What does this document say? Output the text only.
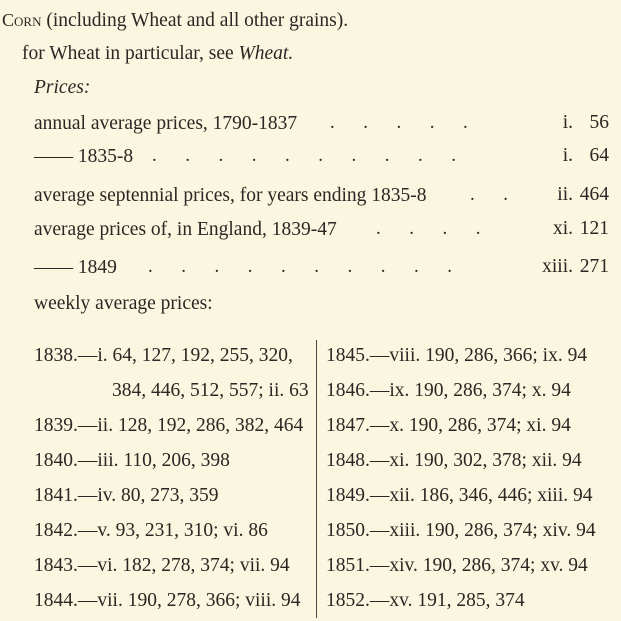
Corn (including Wheat and all other grains).
for Wheat in particular, see Wheat.
Prices:
annual average prices, 1790-1837 .      .      .      .      .	i. 56
—— 1835-8 .      .      .      .      .      .      .      .      .      .	i. 64
average septennial prices, for years ending 1835-8 .      .	ii. 464
average prices of, in England, 1839-47 .      .      .      .	xi. 121
—— 1849 .      .      .      .      .      .      .      .      .      .	xiii. 271
weekly average prices:
1838.—i. 64, 127, 192, 255, 320,
384, 446, 512, 557; ii. 63
1839.—ii. 128, 192, 286, 382, 464
1840.—iii. 110, 206, 398
1841.—iv. 80, 273, 359
1842.—v. 93, 231, 310; vi. 86
1843.—vi. 182, 278, 374; vii. 94
1844.—vii. 190, 278, 366; viii. 94
1845.—viii. 190, 286, 366; ix. 94
1846.—ix. 190, 286, 374; x. 94
1847.—x. 190, 286, 374; xi. 94
1848.—xi. 190, 302, 378; xii. 94
1849.—xii. 186, 346, 446; xiii. 94
1850.—xiii. 190, 286, 374; xiv. 94
1851.—xiv. 190, 286, 374; xv. 94
1852.—xv. 191, 285, 374
